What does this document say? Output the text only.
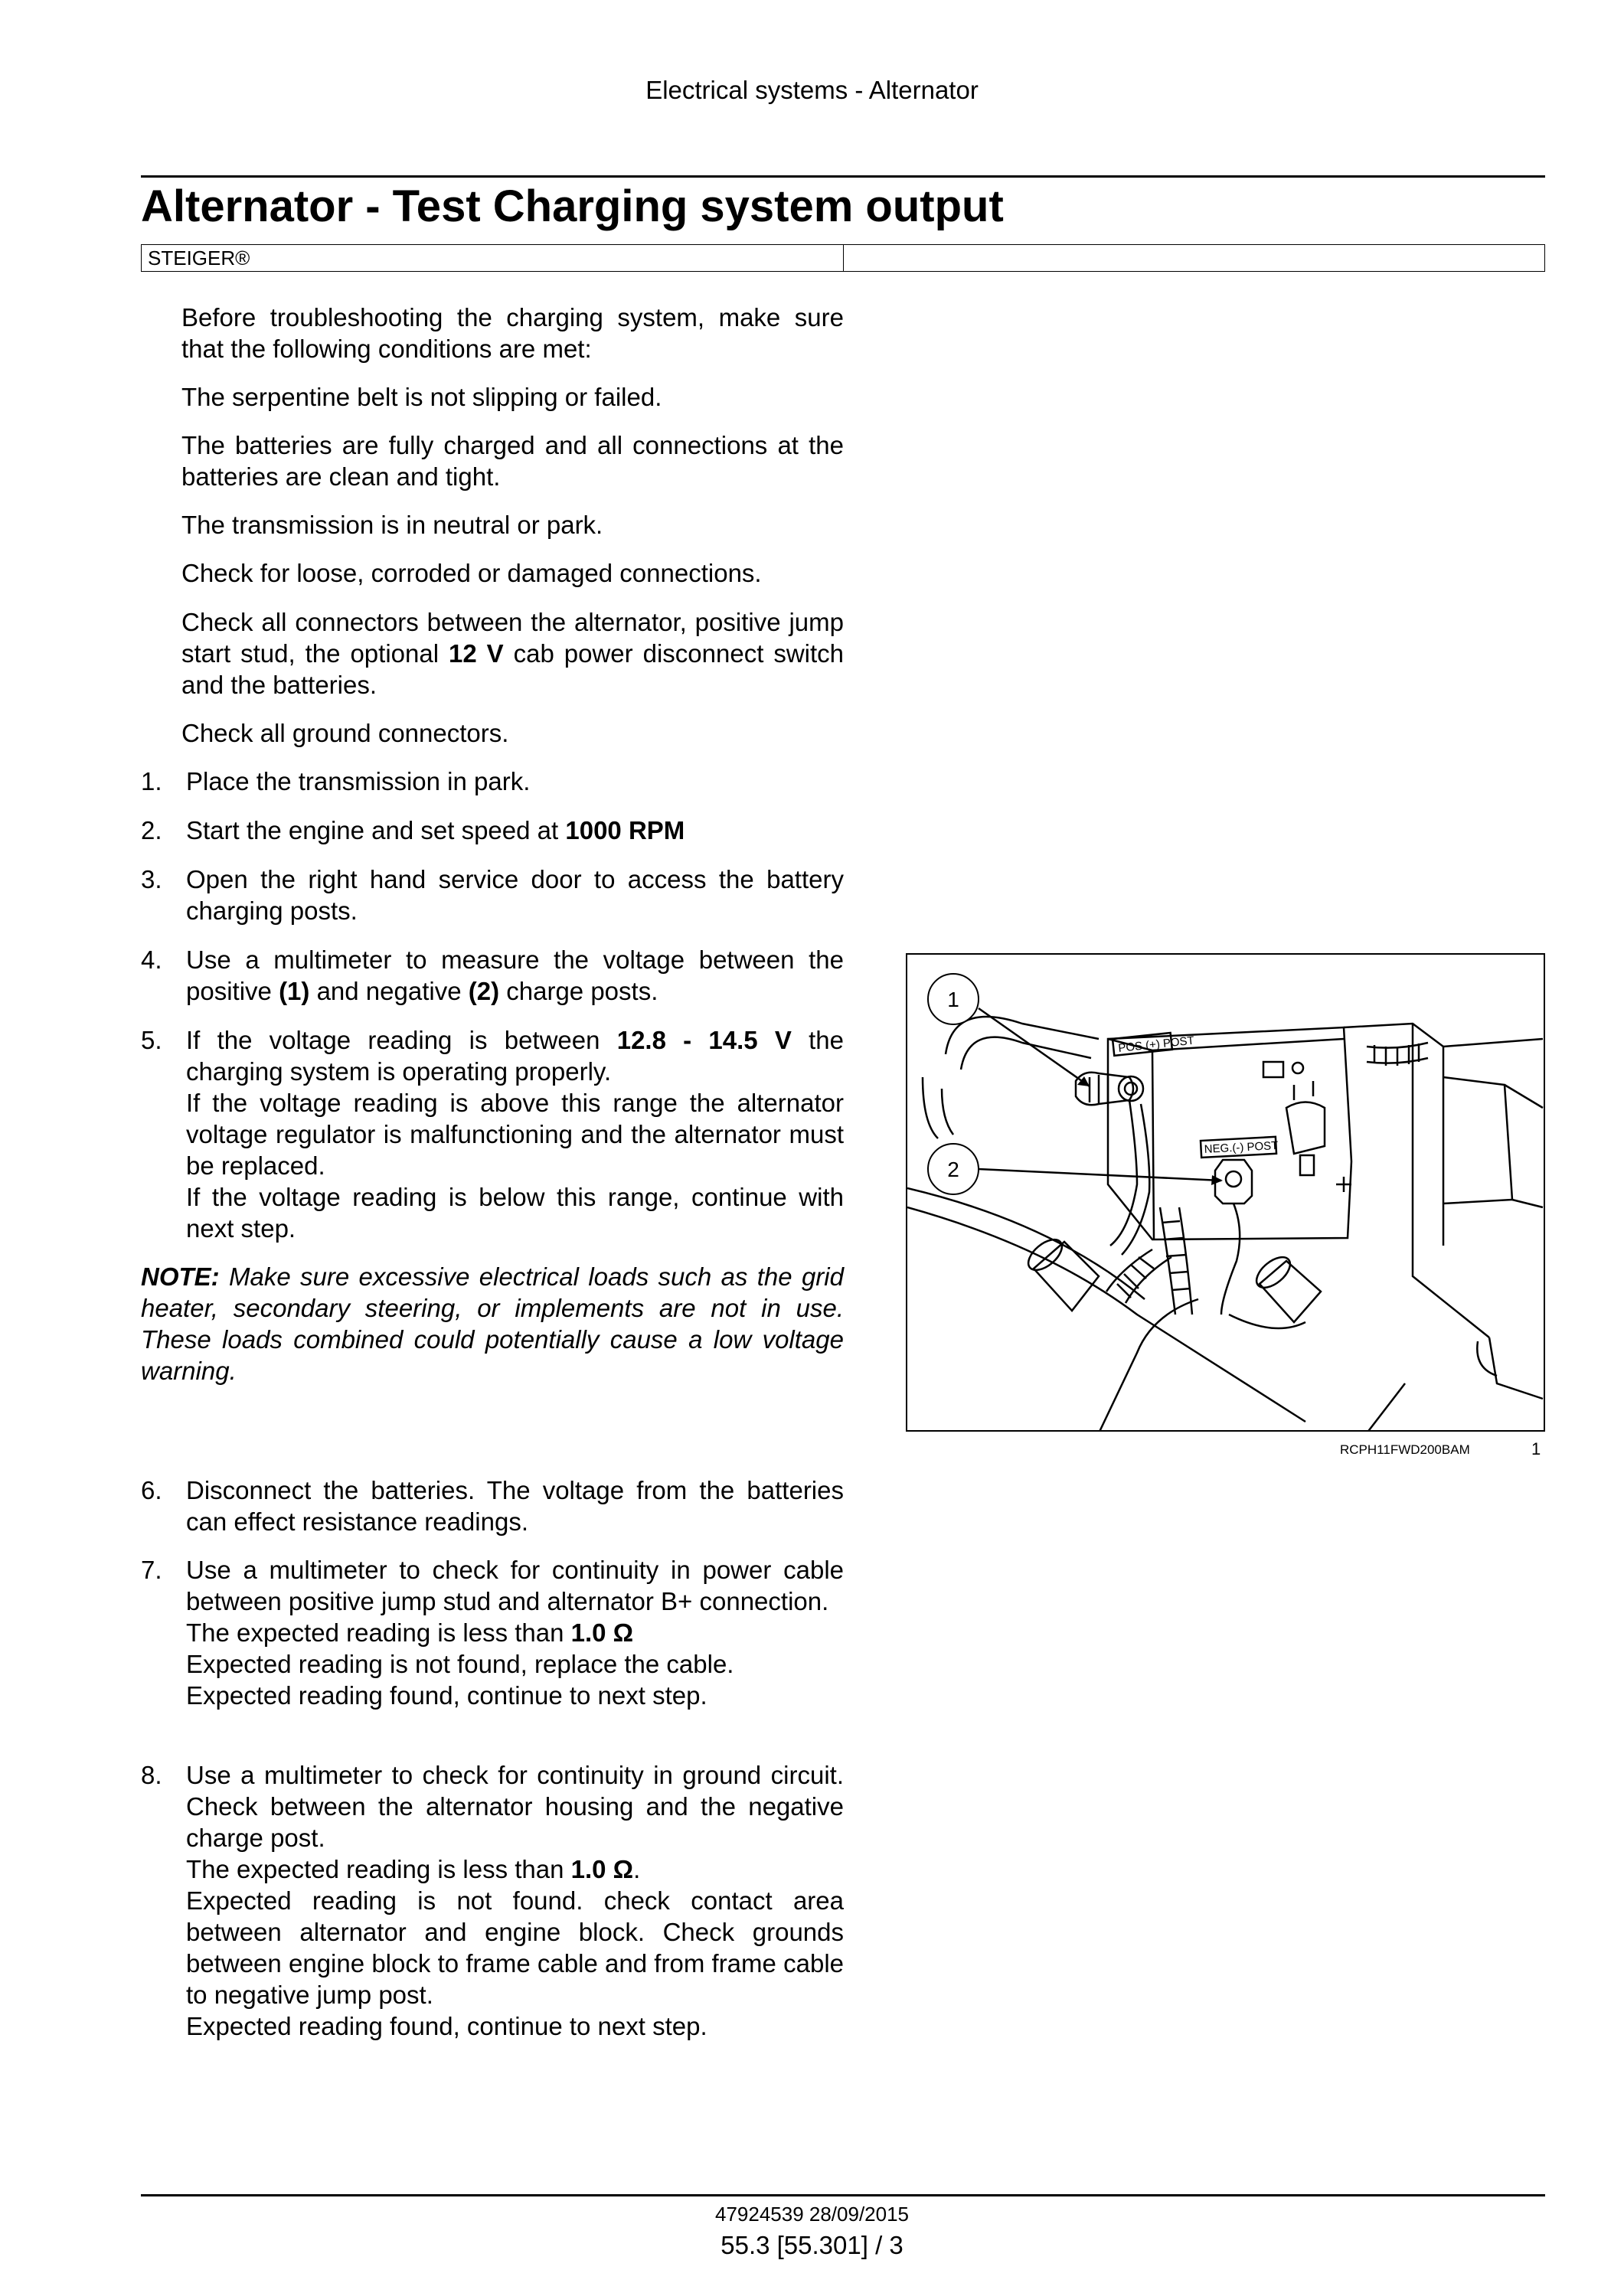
Electrical systems - Alternator
Alternator - Test Charging system output
STEIGER®
Before troubleshooting the charging system, make sure that the following conditions are met:
The serpentine belt is not slipping or failed.
The batteries are fully charged and all connections at the batteries are clean and tight.
The transmission is in neutral or park.
Check for loose, corroded or damaged connections.
Check all connectors between the alternator, positive jump start stud, the optional 12 V cab power disconnect switch and the batteries.
Check all ground connectors.
1. Place the transmission in park.
2. Start the engine and set speed at 1000 RPM
3. Open the right hand service door to access the battery charging posts.
4. Use a multimeter to measure the voltage between the positive (1) and negative (2) charge posts.
5. If the voltage reading is between 12.8 - 14.5 V the charging system is operating properly.
If the voltage reading is above this range the alternator voltage regulator is malfunctioning and the alternator must be replaced.
If the voltage reading is below this range, continue with next step.
NOTE: Make sure excessive electrical loads such as the grid heater, secondary steering, or implements are not in use. These loads combined could potentially cause a low voltage warning.
POS.(+) POST
NEG.(-) POST
1
2
RCPH11FWD200BAM	1
6. Disconnect the batteries. The voltage from the batteries can effect resistance readings.
7. Use a multimeter to check for continuity in power cable between positive jump stud and alternator B+ connection.
The expected reading is less than 1.0 Ω
Expected reading is not found, replace the cable.
Expected reading found, continue to next step.
8. Use a multimeter to check for continuity in ground circuit. Check between the alternator housing and the negative charge post.
The expected reading is less than 1.0 Ω.
Expected reading is not found. check contact area between alternator and engine block. Check grounds between engine block to frame cable and from frame cable to negative jump post.
Expected reading found, continue to next step.
47924539 28/09/2015
55.3 [55.301] / 3
